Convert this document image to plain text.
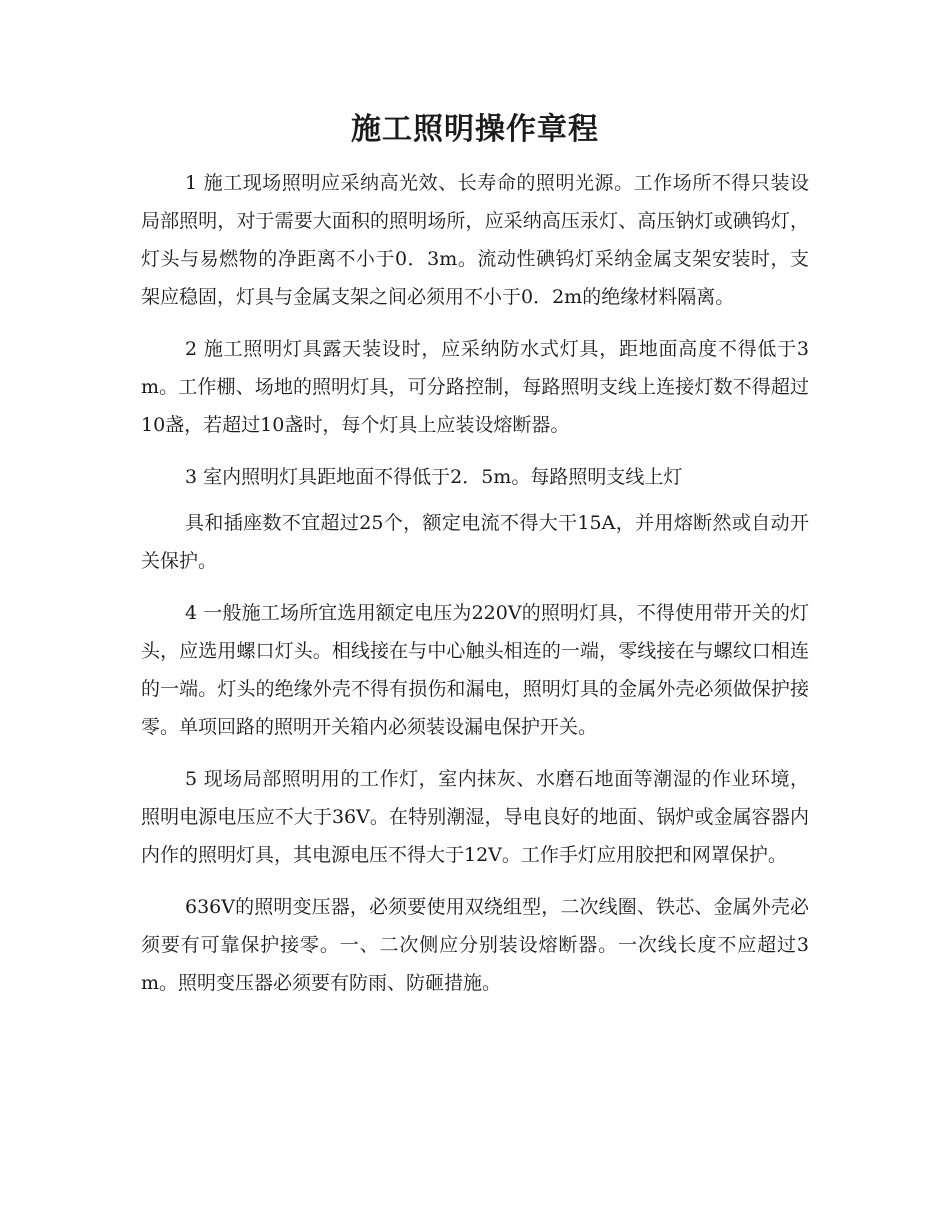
施工照明操作章程

1 施工现场照明应采纳高光效、长寿命的照明光源。工作场所不得只装设局部照明，对于需要大面积的照明场所，应采纳高压汞灯、高压钠灯或碘钨灯，灯头与易燃物的净距离不小于0．3m。流动性碘钨灯采纳金属支架安装时，支架应稳固，灯具与金属支架之间必须用不小于0．2m的绝缘材料隔离。

2 施工照明灯具露天装设时，应采纳防水式灯具，距地面高度不得低于3m。工作棚、场地的照明灯具，可分路控制，每路照明支线上连接灯数不得超过10盏，若超过10盏时，每个灯具上应装设熔断器。

3 室内照明灯具距地面不得低于2．5m。每路照明支线上灯

具和插座数不宜超过25个，额定电流不得大干15A，并用熔断然或自动开关保护。

4 一般施工场所宜选用额定电压为220V的照明灯具，不得使用带开关的灯头，应选用螺口灯头。相线接在与中心触头相连的一端，零线接在与螺纹口相连的一端。灯头的绝缘外壳不得有损伤和漏电，照明灯具的金属外壳必须做保护接零。单项回路的照明开关箱内必须装设漏电保护开关。

5 现场局部照明用的工作灯，室内抹灰、水磨石地面等潮湿的作业环境，照明电源电压应不大于36V。在特别潮湿，导电良好的地面、锅炉或金属容器内内作的照明灯具，其电源电压不得大于12V。工作手灯应用胶把和网罩保护。

636V的照明变压器，必须要使用双绕组型，二次线圈、铁芯、金属外壳必须要有可靠保护接零。一、二次侧应分别装设熔断器。一次线长度不应超过3m。照明变压器必须要有防雨、防砸措施。
